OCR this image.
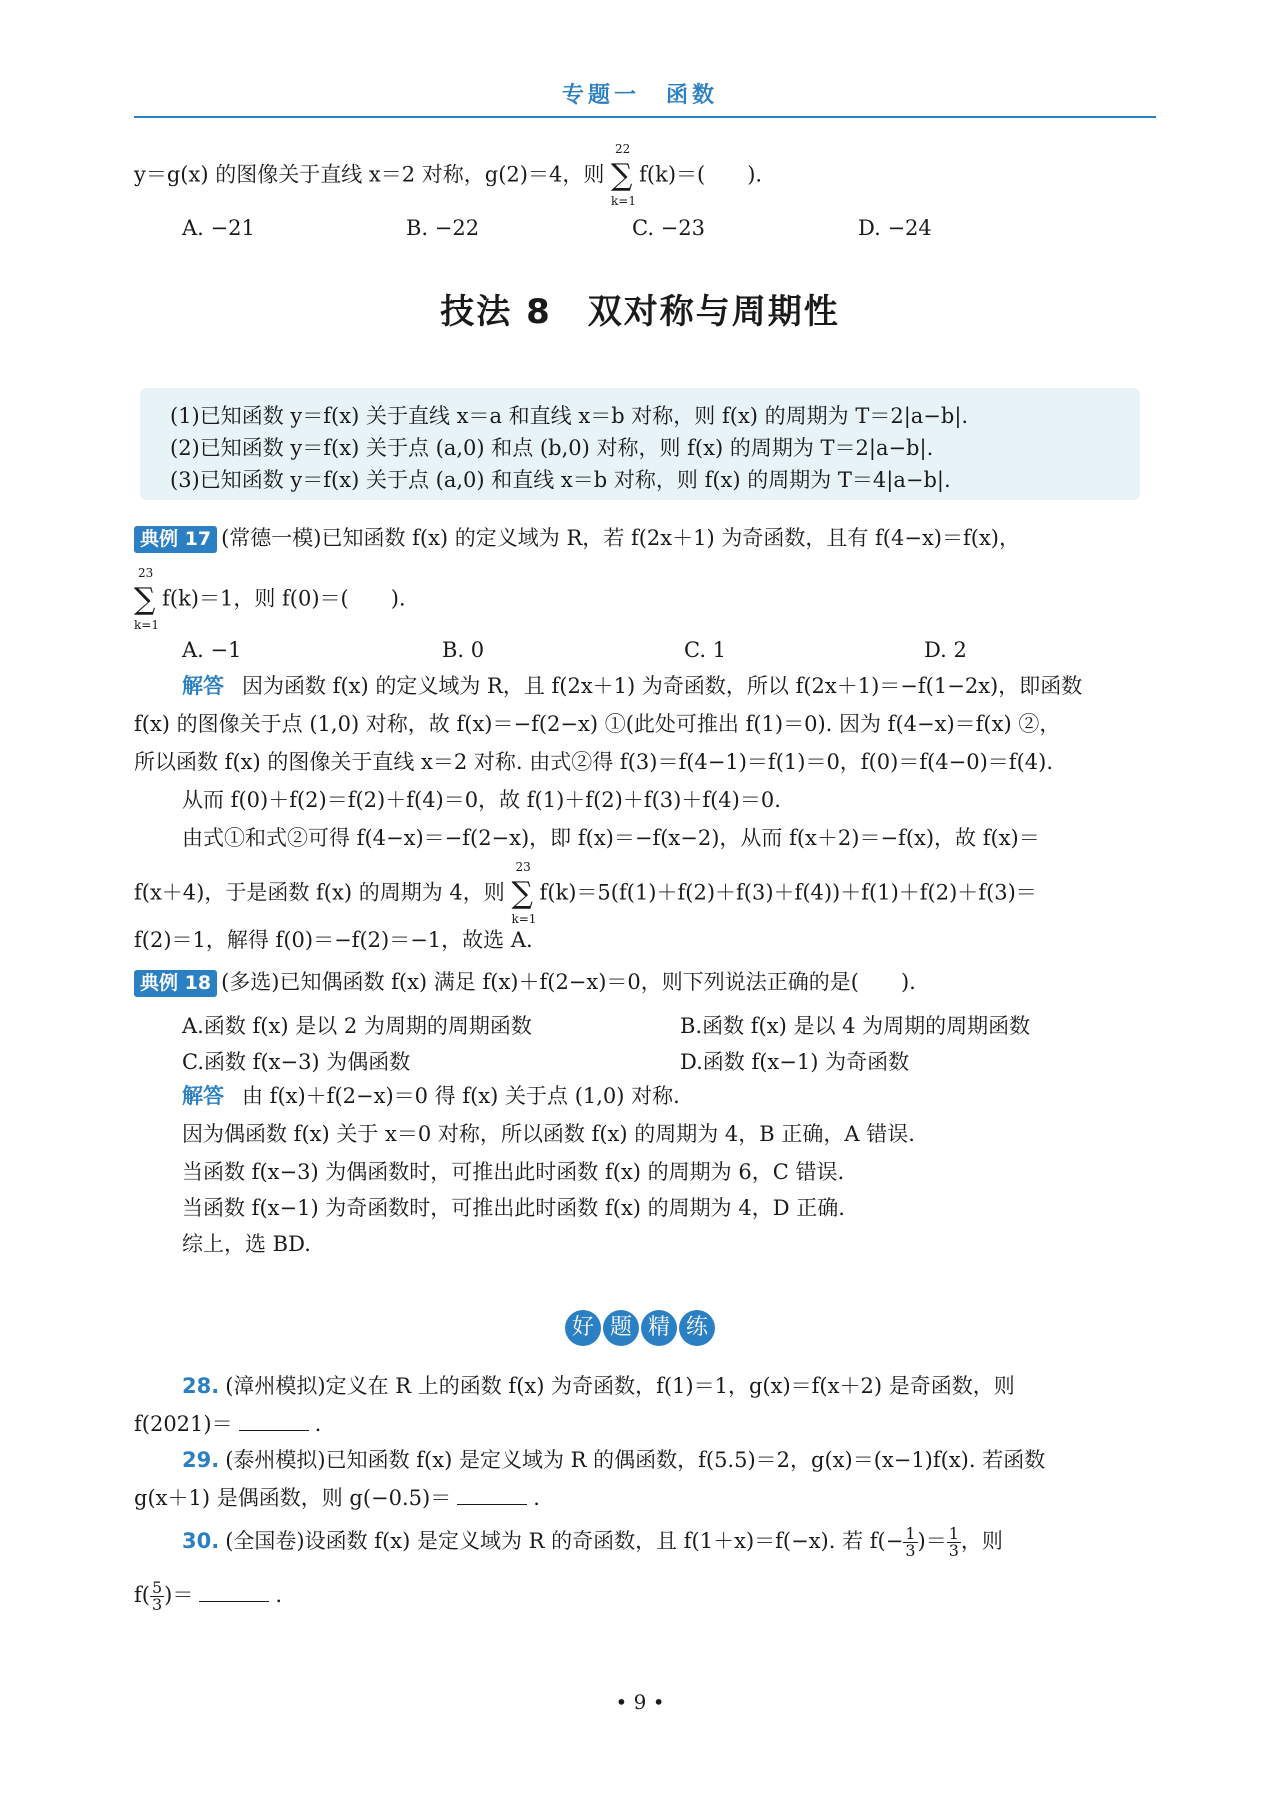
专题一　函数
y＝g(x) 的图像关于直线 x＝2 对称，g(2)＝4，则 ∑
22
k=1
f(k)＝(　　).
A. −21	B. −22	C. −23	D. −24
技法 8　双对称与周期性
(1)已知函数 y＝f(x) 关于直线 x＝a 和直线 x＝b 对称，则 f(x) 的周期为 T＝2|a−b|.
(2)已知函数 y＝f(x) 关于点 (a,0) 和点 (b,0) 对称，则 f(x) 的周期为 T＝2|a−b|.
(3)已知函数 y＝f(x) 关于点 (a,0) 和直线 x＝b 对称，则 f(x) 的周期为 T＝4|a−b|.
典例 17 (常德一模)已知函数 f(x) 的定义域为 R，若 f(2x＋1) 为奇函数，且有 f(4−x)＝f(x)，
∑
23
k=1
f(k)＝1，则 f(0)＝(　　).
A. −1	B. 0	C. 1	D. 2
解答 因为函数 f(x) 的定义域为 R，且 f(2x＋1) 为奇函数，所以 f(2x＋1)＝−f(1−2x)，即函数
f(x) 的图像关于点 (1,0) 对称，故 f(x)＝−f(2−x) ①(此处可推出 f(1)＝0). 因为 f(4−x)＝f(x) ②，
所以函数 f(x) 的图像关于直线 x＝2 对称. 由式②得 f(3)＝f(4−1)＝f(1)＝0，f(0)＝f(4−0)＝f(4).
从而 f(0)＋f(2)＝f(2)＋f(4)＝0，故 f(1)＋f(2)＋f(3)＋f(4)＝0.
由式①和式②可得 f(4−x)＝−f(2−x)，即 f(x)＝−f(x−2)，从而 f(x＋2)＝−f(x)，故 f(x)＝
f(x＋4)，于是函数 f(x) 的周期为 4，则 ∑
23
k=1
f(k)＝5(f(1)＋f(2)＋f(3)＋f(4))＋f(1)＋f(2)＋f(3)＝
f(2)＝1，解得 f(0)＝−f(2)＝−1，故选 A.
典例 18 (多选)已知偶函数 f(x) 满足 f(x)＋f(2−x)＝0，则下列说法正确的是(　　).
A.函数 f(x) 是以 2 为周期的周期函数	B.函数 f(x) 是以 4 为周期的周期函数
C.函数 f(x−3) 为偶函数	D.函数 f(x−1) 为奇函数
解答 由 f(x)＋f(2−x)＝0 得 f(x) 关于点 (1,0) 对称.
因为偶函数 f(x) 关于 x＝0 对称，所以函数 f(x) 的周期为 4，B 正确，A 错误.
当函数 f(x−3) 为偶函数时，可推出此时函数 f(x) 的周期为 6，C 错误.
当函数 f(x−1) 为奇函数时，可推出此时函数 f(x) 的周期为 4，D 正确.
综上，选 BD.
好 题 精 练
28. (漳州模拟)定义在 R 上的函数 f(x) 为奇函数，f(1)＝1，g(x)＝f(x＋2) 是奇函数，则
f(2021)＝	.
29. (泰州模拟)已知函数 f(x) 是定义域为 R 的偶函数，f(5.5)＝2，g(x)＝(x−1)f(x). 若函数
g(x＋1) 是偶函数，则 g(−0.5)＝	.
30. (全国卷)设函数 f(x) 是定义域为 R 的奇函数，且 f(1＋x)＝f(−x). 若 $f(- \frac{1}{3}$ )＝ $\frac{1}{3}$ ，则
$f( \frac{5}{3}$ )＝	.
• 9 •
